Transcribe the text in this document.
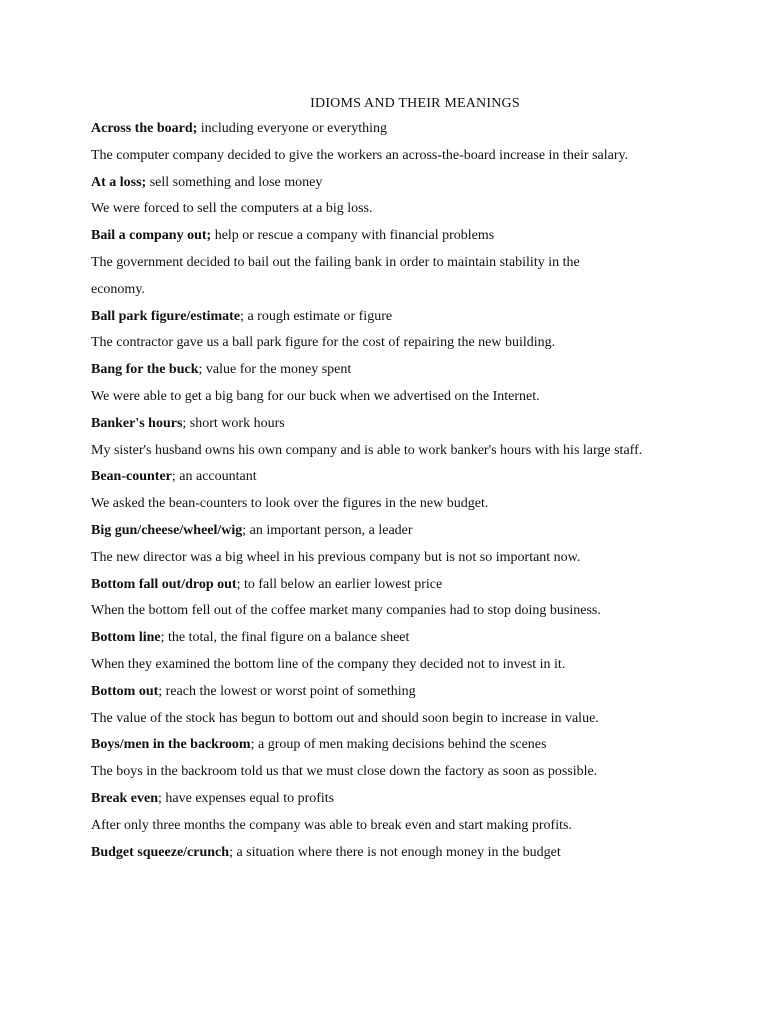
IDIOMS AND THEIR MEANINGS

Across the board; including everyone or everything

The computer company decided to give the workers an across-the-board increase in their salary.

At a loss; sell something and lose money

We were forced to sell the computers at a big loss.

Bail a company out; help or rescue a company with financial problems

The government decided to bail out the failing bank in order to maintain stability in the economy.

Ball park figure/estimate; a rough estimate or figure

The contractor gave us a ball park figure for the cost of repairing the new building.

Bang for the buck; value for the money spent

We were able to get a big bang for our buck when we advertised on the Internet.

Banker's hours; short work hours

My sister's husband owns his own company and is able to work banker's hours with his large staff.

Bean-counter; an accountant

We asked the bean-counters to look over the figures in the new budget.

Big gun/cheese/wheel/wig; an important person, a leader

The new director was a big wheel in his previous company but is not so important now.

Bottom fall out/drop out; to fall below an earlier lowest price

When the bottom fell out of the coffee market many companies had to stop doing business.

Bottom line; the total, the final figure on a balance sheet

When they examined the bottom line of the company they decided not to invest in it.

Bottom out; reach the lowest or worst point of something

The value of the stock has begun to bottom out and should soon begin to increase in value.

Boys/men in the backroom; a group of men making decisions behind the scenes

The boys in the backroom told us that we must close down the factory as soon as possible.

Break even; have expenses equal to profits

After only three months the company was able to break even and start making profits.

Budget squeeze/crunch; a situation where there is not enough money in the budget
